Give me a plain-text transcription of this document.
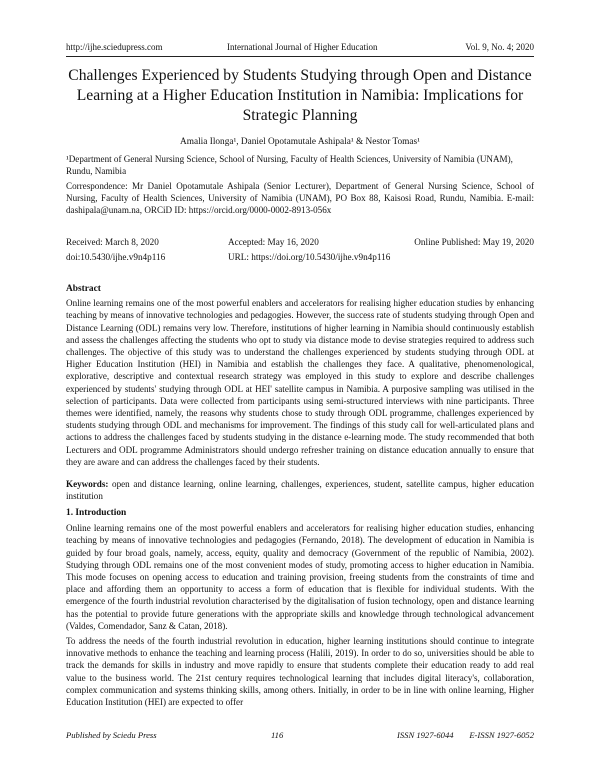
http://ijhe.sciedupress.com	International Journal of Higher Education	Vol. 9, No. 4; 2020
Challenges Experienced by Students Studying through Open and Distance Learning at a Higher Education Institution in Namibia: Implications for Strategic Planning
Amalia Ilonga¹, Daniel Opotamutale Ashipala¹ & Nestor Tomas¹
¹Department of General Nursing Science, School of Nursing, Faculty of Health Sciences, University of Namibia (UNAM), Rundu, Namibia
Correspondence: Mr Daniel Opotamutale Ashipala (Senior Lecturer), Department of General Nursing Science, School of Nursing, Faculty of Health Sciences, University of Namibia (UNAM), PO Box 88, Kaisosi Road, Rundu, Namibia. E-mail: dashipala@unam.na, ORCiD ID: https://orcid.org/0000-0002-8913-056x
Received: March 8, 2020	Accepted: May 16, 2020	Online Published: May 19, 2020
doi:10.5430/ijhe.v9n4p116	URL: https://doi.org/10.5430/ijhe.v9n4p116
Abstract

Online learning remains one of the most powerful enablers and accelerators for realising higher education studies by enhancing teaching by means of innovative technologies and pedagogies. However, the success rate of students studying through Open and Distance Learning (ODL) remains very low. Therefore, institutions of higher learning in Namibia should continuously establish and assess the challenges affecting the students who opt to study via distance mode to devise strategies required to address such challenges. The objective of this study was to understand the challenges experienced by students studying through ODL at Higher Education Institution (HEI) in Namibia and establish the challenges they face. A qualitative, phenomenological, explorative, descriptive and contextual research strategy was employed in this study to explore and describe challenges experienced by students' studying through ODL at HEI' satellite campus in Namibia. A purposive sampling was utilised in the selection of participants. Data were collected from participants using semi-structured interviews with nine participants. Three themes were identified, namely, the reasons why students chose to study through ODL programme, challenges experienced by students studying through ODL and mechanisms for improvement. The findings of this study call for well-articulated plans and actions to address the challenges faced by students studying in the distance e-learning mode. The study recommended that both Lecturers and ODL programme Administrators should undergo refresher training on distance education annually to ensure that they are aware and can address the challenges faced by their students.

Keywords: open and distance learning, online learning, challenges, experiences, student, satellite campus, higher education institution
1. Introduction

Online learning remains one of the most powerful enablers and accelerators for realising higher education studies, enhancing teaching by means of innovative technologies and pedagogies (Fernando, 2018). The development of education in Namibia is guided by four broad goals, namely, access, equity, quality and democracy (Government of the republic of Namibia, 2002). Studying through ODL remains one of the most convenient modes of study, promoting access to higher education in Namibia. This mode focuses on opening access to education and training provision, freeing students from the constraints of time and place and affording them an opportunity to access a form of education that is flexible for individual students. With the emergence of the fourth industrial revolution characterised by the digitalisation of fusion technology, open and distance learning has the potential to provide future generations with the appropriate skills and knowledge through technological advancement (Valdes, Comendador, Sanz & Catan, 2018).

To address the needs of the fourth industrial revolution in education, higher learning institutions should continue to integrate innovative methods to enhance the teaching and learning process (Halili, 2019). In order to do so, universities should be able to track the demands for skills in industry and move rapidly to ensure that students complete their education ready to add real value to the business world. The 21st century requires technological learning that includes digital literacy's, collaboration, complex communication and systems thinking skills, among others. Initially, in order to be in line with online learning, Higher Education Institution (HEI) are expected to offer

Published by Sciedu Press	116	ISSN 1927-6044 E-ISSN 1927-6052
